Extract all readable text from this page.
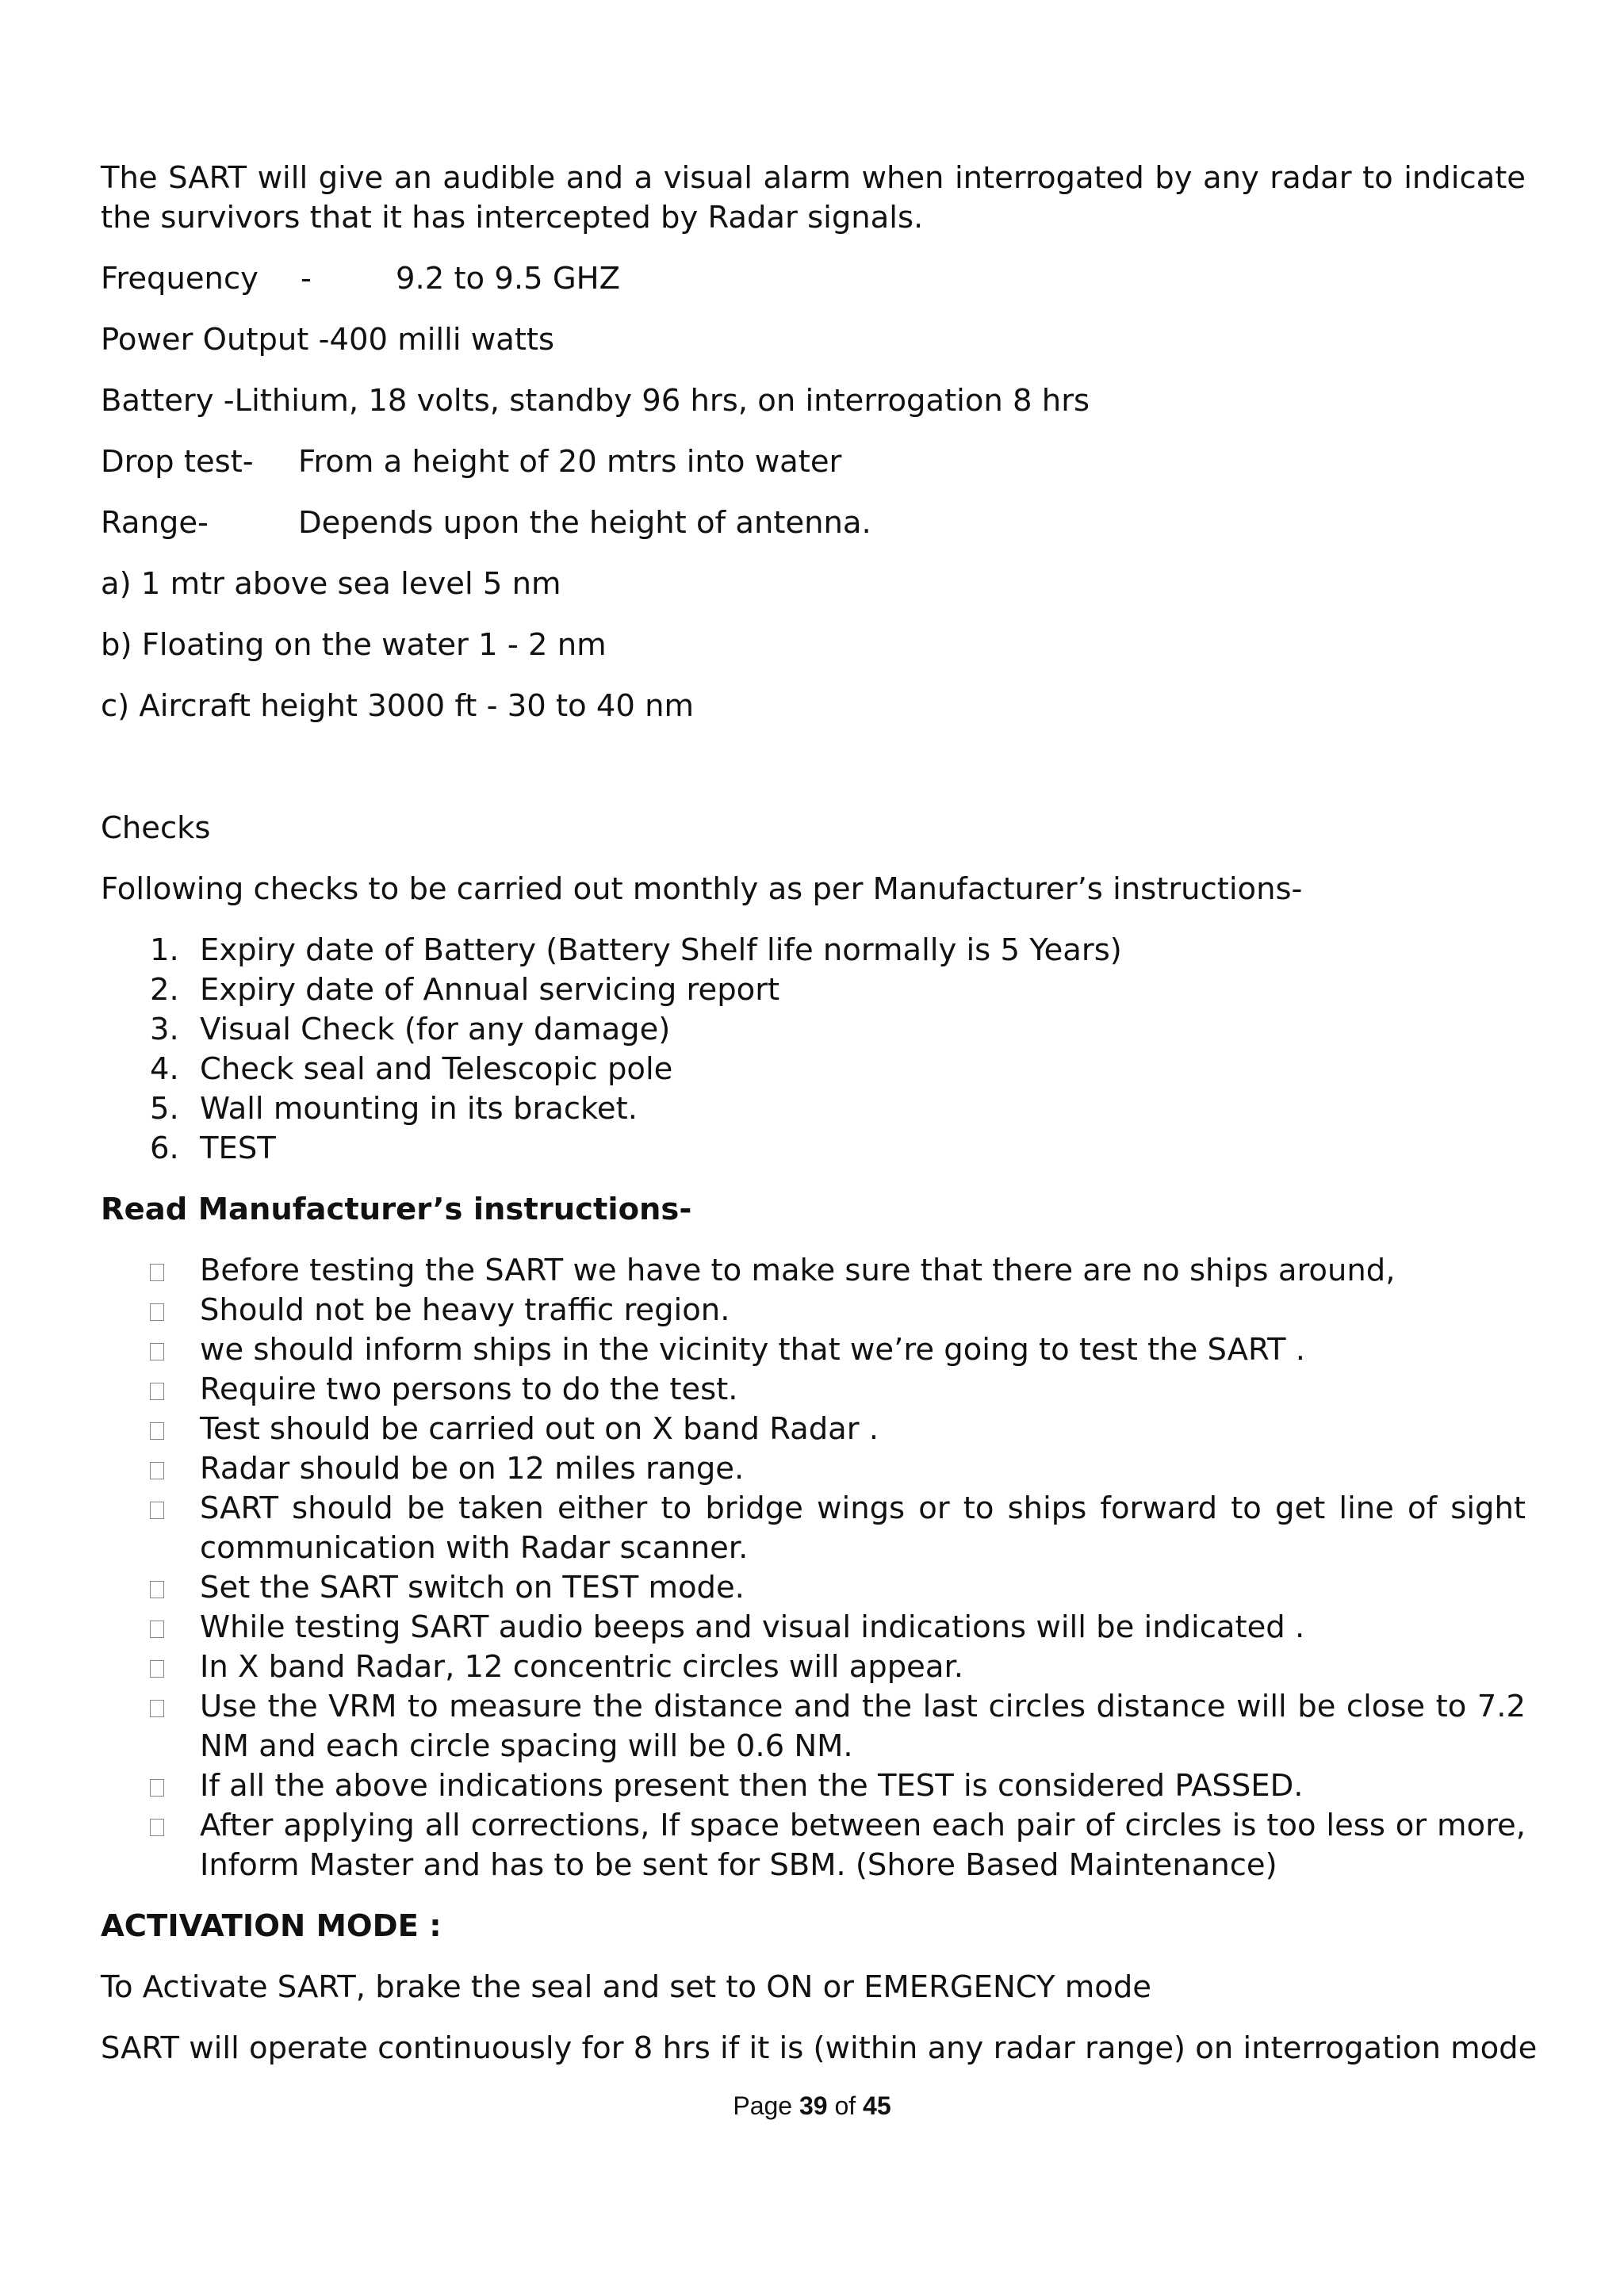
The SART will give an audible and a visual alarm when interrogated by any radar to indicate the survivors that it has intercepted by Radar signals.

Frequency -	9.2 to 9.5 GHZ

Power Output -400 milli watts

Battery -Lithium, 18 volts, standby 96 hrs, on interrogation 8 hrs

Drop test- From a height of 20 mtrs into water

Range-	Depends upon the height of antenna.

a) 1 mtr above sea level 5 nm

b) Floating on the water 1 - 2 nm

c) Aircraft height 3000 ft - 30 to 40 nm

Checks

Following checks to be carried out monthly as per Manufacturer’s instructions-

1. Expiry date of Battery (Battery Shelf life normally is 5 Years)
2. Expiry date of Annual servicing report
3. Visual Check (for any damage)
4. Check seal and Telescopic pole
5. Wall mounting in its bracket.
6. TEST

Read Manufacturer’s instructions-

Before testing the SART we have to make sure that there are no ships around,
Should not be heavy traffic region.
we should inform ships in the vicinity that we’re going to test the SART .
Require two persons to do the test.
Test should be carried out on X band Radar .
Radar should be on 12 miles range.
SART should be taken either to bridge wings or to ships forward to get line of sight communication with Radar scanner.
Set the SART switch on TEST mode.
While testing SART audio beeps and visual indications will be indicated .
In X band Radar, 12 concentric circles will appear.
Use the VRM to measure the distance and the last circles distance will be close to 7.2 NM and each circle spacing will be 0.6 NM.
If all the above indications present then the TEST is considered PASSED.
After applying all corrections, If space between each pair of circles is too less or more, Inform Master and has to be sent for SBM. (Shore Based Maintenance)

ACTIVATION MODE :

To Activate SART, brake the seal and set to ON or EMERGENCY mode

SART will operate continuously for 8 hrs if it is (within any radar range) on interrogation mode

Page 39 of 45
